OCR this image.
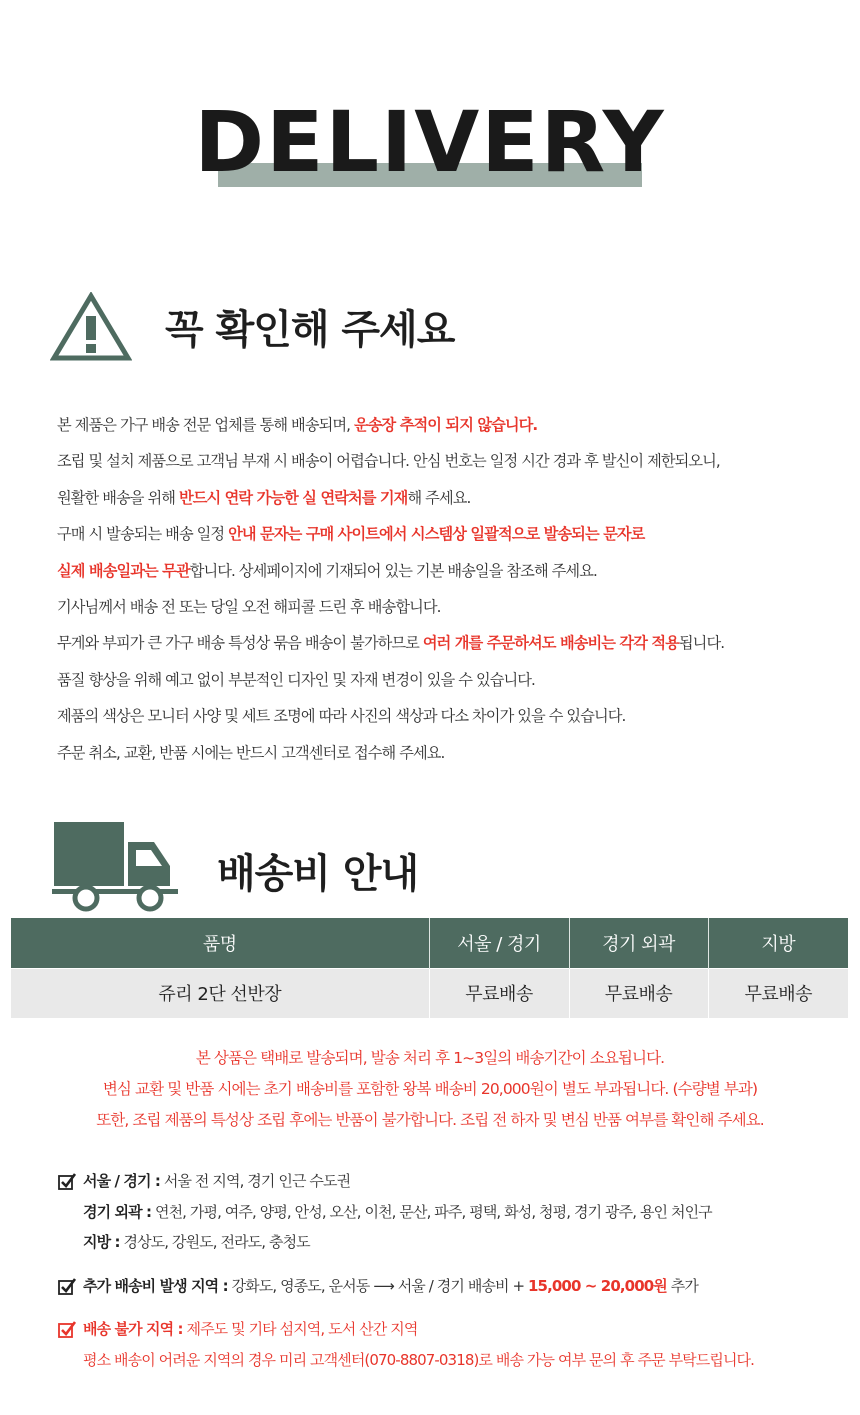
DELIVERY
꼭 확인해 주세요
본 제품은 가구 배송 전문 업체를 통해 배송되며, 운송장 추적이 되지 않습니다.
조립 및 설치 제품으로 고객님 부재 시 배송이 어렵습니다. 안심 번호는 일정 시간 경과 후 발신이 제한되오니,
원활한 배송을 위해 반드시 연락 가능한 실 연락처를 기재해 주세요.
구매 시 발송되는 배송 일정 안내 문자는 구매 사이트에서 시스템상 일괄적으로 발송되는 문자로
실제 배송일과는 무관합니다. 상세페이지에 기재되어 있는 기본 배송일을 참조해 주세요.
기사님께서 배송 전 또는 당일 오전 해피콜 드린 후 배송합니다.
무게와 부피가 큰 가구 배송 특성상 묶음 배송이 불가하므로 여러 개를 주문하셔도 배송비는 각각 적용됩니다.
품질 향상을 위해 예고 없이 부분적인 디자인 및 자재 변경이 있을 수 있습니다.
제품의 색상은 모니터 사양 및 세트 조명에 따라 사진의 색상과 다소 차이가 있을 수 있습니다.
주문 취소, 교환, 반품 시에는 반드시 고객센터로 접수해 주세요.
배송비 안내
품명	서울 / 경기	경기 외곽	지방
쥬리 2단 선반장	무료배송	무료배송	무료배송

본 상품은 택배로 발송되며, 발송 처리 후 1~3일의 배송기간이 소요됩니다.

변심 교환 및 반품 시에는 초기 배송비를 포함한 왕복 배송비 20,000원이 별도 부과됩니다. (수량별 부과)

또한, 조립 제품의 특성상 조립 후에는 반품이 불가합니다. 조립 전 하자 및 변심 반품 여부를 확인해 주세요.

서울 / 경기 : 서울 전 지역, 경기 인근 수도권
경기 외곽 : 연천, 가평, 여주, 양평, 안성, 오산, 이천, 문산, 파주, 평택, 화성, 청평, 경기 광주, 용인 처인구
지방 : 경상도, 강원도, 전라도, 충청도
추가 배송비 발생 지역 : 강화도, 영종도, 운서동 ⟶ 서울 / 경기 배송비 + 15,000 ~ 20,000원 추가
배송 불가 지역 : 제주도 및 기타 섬지역, 도서 산간 지역
평소 배송이 어려운 지역의 경우 미리 고객센터(070-8807-0318)로 배송 가능 여부 문의 후 주문 부탁드립니다.
